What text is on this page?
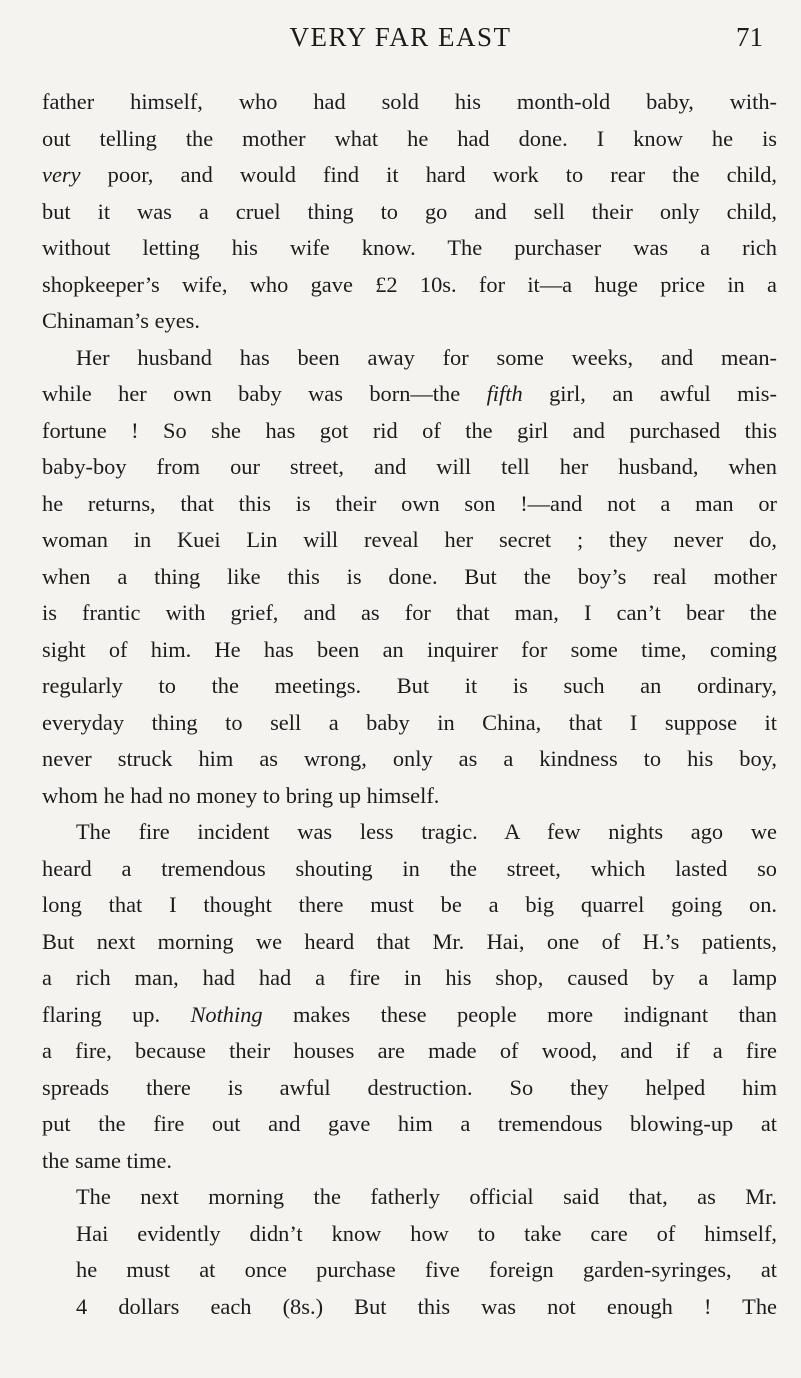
VERY FAR EAST	71
father himself, who had sold his month-old baby, with-
out telling the mother what he had done. I know he is
very poor, and would find it hard work to rear the child,
but it was a cruel thing to go and sell their only child,
without letting his wife know. The purchaser was a rich
shopkeeper’s wife, who gave £2 10s. for it—a huge price in a
Chinaman’s eyes.
Her husband has been away for some weeks, and mean-
while her own baby was born—the fifth girl, an awful mis-
fortune ! So she has got rid of the girl and purchased this
baby-boy from our street, and will tell her husband, when
he returns, that this is their own son !—and not a man or
woman in Kuei Lin will reveal her secret ; they never do,
when a thing like this is done. But the boy’s real mother
is frantic with grief, and as for that man, I can’t bear the
sight of him. He has been an inquirer for some time, coming
regularly to the meetings. But it is such an ordinary,
everyday thing to sell a baby in China, that I suppose it
never struck him as wrong, only as a kindness to his boy,
whom he had no money to bring up himself.
The fire incident was less tragic. A few nights ago we
heard a tremendous shouting in the street, which lasted so
long that I thought there must be a big quarrel going on.
But next morning we heard that Mr. Hai, one of H.’s patients,
a rich man, had had a fire in his shop, caused by a lamp
flaring up. Nothing makes these people more indignant than
a fire, because their houses are made of wood, and if a fire
spreads there is awful destruction. So they helped him
put the fire out and gave him a tremendous blowing-up at
the same time.
The next morning the fatherly official said that, as Mr.
Hai evidently didn’t know how to take care of himself,
he must at once purchase five foreign garden-syringes, at
4 dollars each (8s.) But this was not enough ! The
